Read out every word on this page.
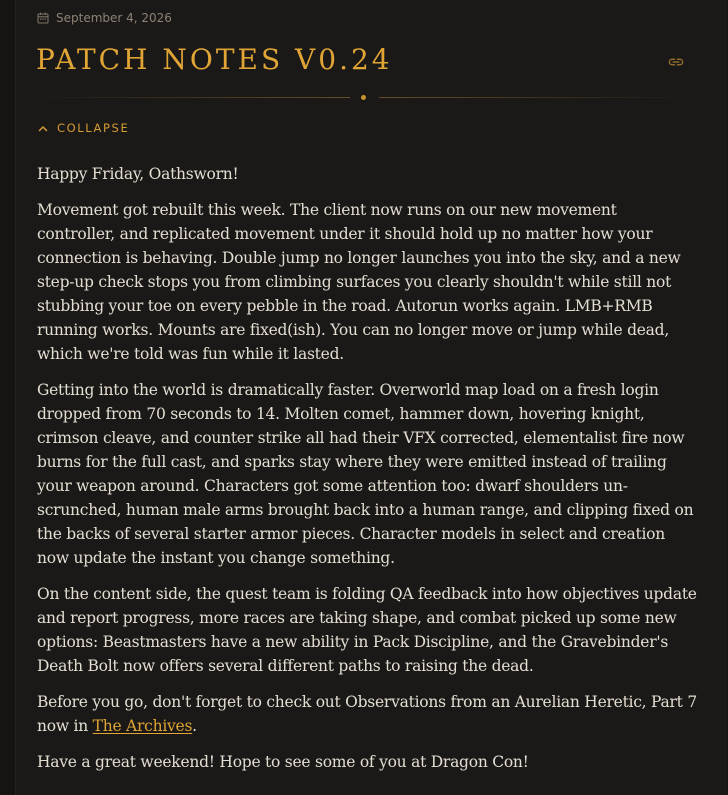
September 4, 2026
PATCH NOTES V0.24
COLLAPSE

Happy Friday, Oathsworn!

Movement got rebuilt this week. The client now runs on our new movement controller, and replicated movement under it should hold up no matter how your connection is behaving. Double jump no longer launches you into the sky, and a new step-up check stops you from climbing surfaces you clearly shouldn't while still not stubbing your toe on every pebble in the road. Autorun works again. LMB+RMB running works. Mounts are fixed(ish). You can no longer move or jump while dead, which we're told was fun while it lasted.

Getting into the world is dramatically faster. Overworld map load on a fresh login dropped from 70 seconds to 14. Molten comet, hammer down, hovering knight, crimson cleave, and counter strike all had their VFX corrected, elementalist fire now burns for the full cast, and sparks stay where they were emitted instead of trailing your weapon around. Characters got some attention too: dwarf shoulders un-scrunched, human male arms brought back into a human range, and clipping fixed on the backs of several starter armor pieces. Character models in select and creation now update the instant you change something.

On the content side, the quest team is folding QA feedback into how objectives update and report progress, more races are taking shape, and combat picked up some new options: Beastmasters have a new ability in Pack Discipline, and the Gravebinder's Death Bolt now offers several different paths to raising the dead.

Before you go, don't forget to check out Observations from an Aurelian Heretic, Part 7 now in The Archives.

Have a great weekend! Hope to see some of you at Dragon Con!
